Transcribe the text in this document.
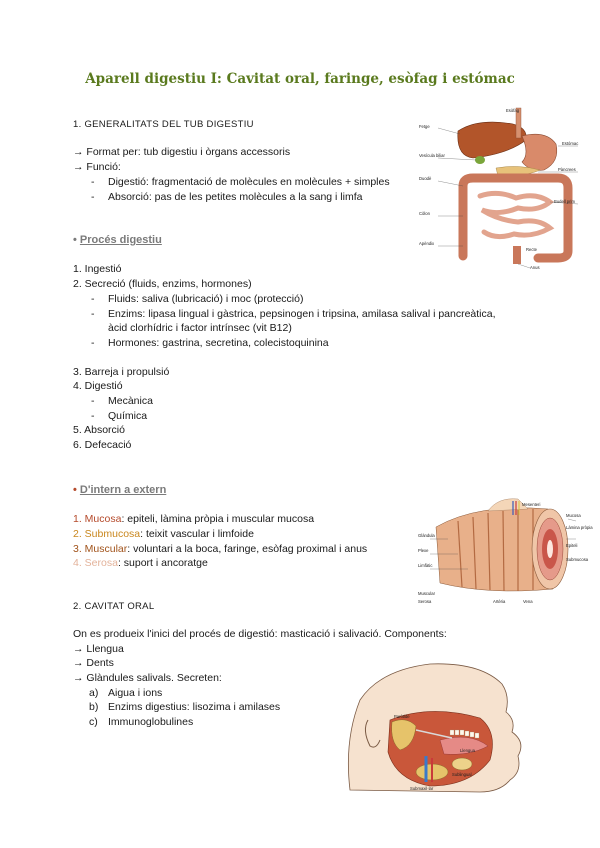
Aparell digestiu I: Cavitat oral, faringe, esòfag i estómac
1. GENERALITATS DEL TUB DIGESTIU
→ Format per: tub digestiu i òrgans accessoris
→ Funció:
- Digestió: fragmentació de molècules en molècules + simples
- Absorció: pas de les petites molècules a la sang i limfa
• Procés digestiu
1. Ingestió
2. Secreció (fluids, enzims, hormones)
- Fluids: saliva (lubricació) i moc (protecció)
- Enzims: lipasa lingual i gàstrica, pepsinogen i tripsina, amilasa salival i pancreàtica,
àcid clorhídric i factor intrínsec (vit B12)
- Hormones: gastrina, secretina, colecistoquinina
3. Barreja i propulsió
4. Digestió
- Mecànica
- Química
5. Absorció
6. Defecació
• D'intern a extern
1. Mucosa: epiteli, làmina pròpia i muscular mucosa
2. Submucosa: teixit vascular i limfoide
3. Muscular: voluntari a la boca, faringe, esòfag proximal i anus
4. Serosa: suport i ancoratge
2. CAVITAT ORAL
On es produeix l'inici del procés de digestió: masticació i salivació. Components:
→ Llengua
→ Dents
→ Glàndules salivals. Secreten:
a) Aigua i ions
b) Enzims digestius: lisozima i amilases
c) Immunoglobulines
Fetge
Vesícula biliar
Duodè
Còlon
Apèndix
Esòfag
Estómac
Pàncrees
Budell prim
Recte
Anus
Glàndula
Plexe
Limfàtic
Muscular
Serosa
Mucosa
Làmina pròpia
Epiteli
Submucosa
Mesenteri
Artèria	Vena
Paròtide
Submaxil·lar
Sublingual
Llengua
